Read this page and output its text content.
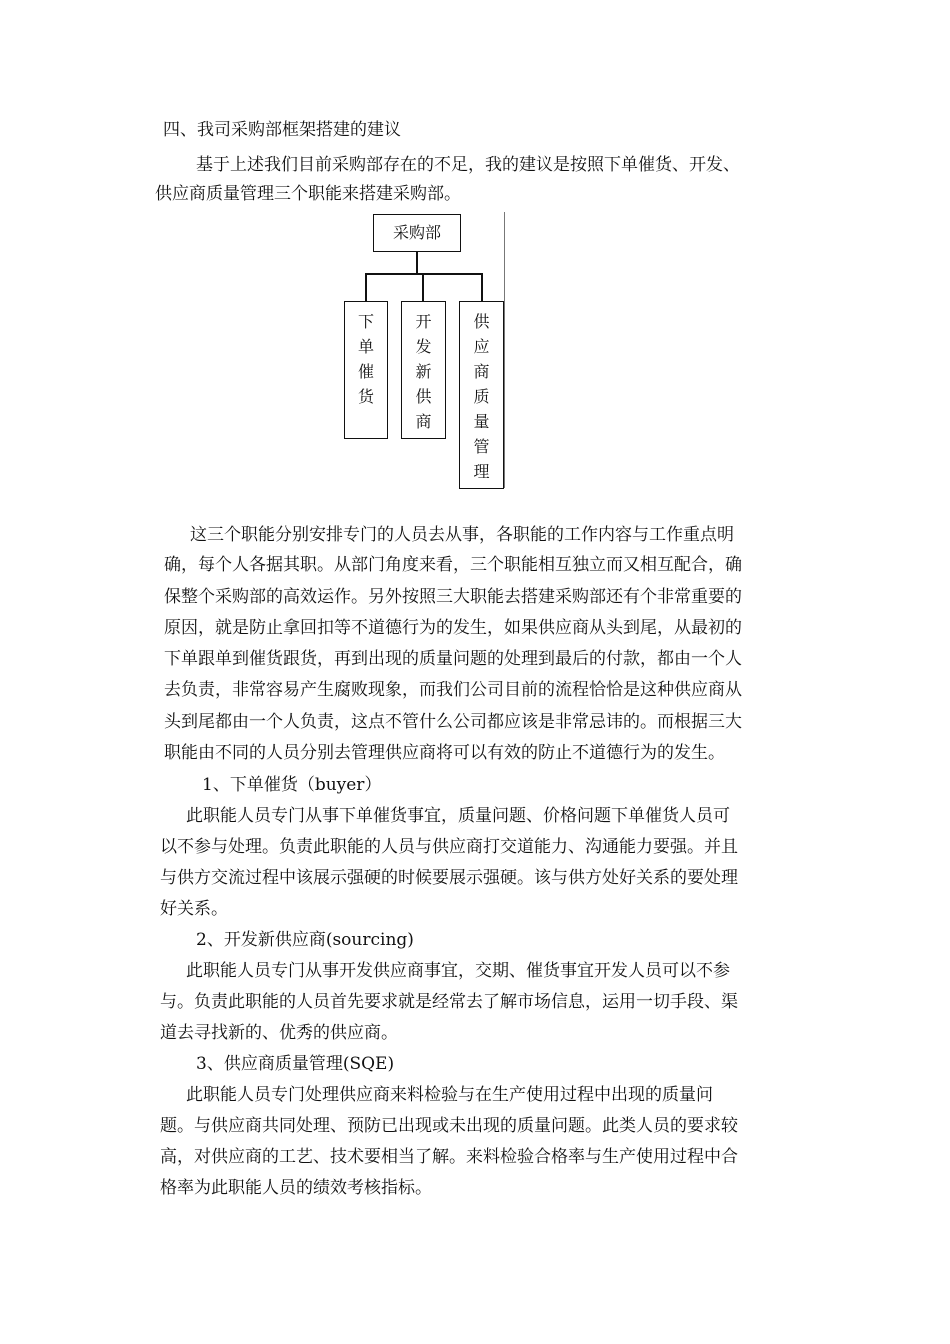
四、我司采购部框架搭建的建议
基于上述我们目前采购部存在的不足，我的建议是按照下单催货、开发、
供应商质量管理三个职能来搭建采购部。
采购部
下
单
催
货
开
发
新
供
商
供
应
商
质
量
管
理
这三个职能分别安排专门的人员去从事，各职能的工作内容与工作重点明
确，每个人各据其职。从部门角度来看，三个职能相互独立而又相互配合，确
保整个采购部的高效运作。另外按照三大职能去搭建采购部还有个非常重要的
原因，就是防止拿回扣等不道德行为的发生，如果供应商从头到尾，从最初的
下单跟单到催货跟货，再到出现的质量问题的处理到最后的付款，都由一个人
去负责，非常容易产生腐败现象，而我们公司目前的流程恰恰是这种供应商从
头到尾都由一个人负责，这点不管什么公司都应该是非常忌讳的。而根据三大
职能由不同的人员分别去管理供应商将可以有效的防止不道德行为的发生。
1、下单催货（buyer）
此职能人员专门从事下单催货事宜，质量问题、价格问题下单催货人员可
以不参与处理。负责此职能的人员与供应商打交道能力、沟通能力要强。并且
与供方交流过程中该展示强硬的时候要展示强硬。该与供方处好关系的要处理
好关系。
2、开发新供应商(sourcing)
此职能人员专门从事开发供应商事宜，交期、催货事宜开发人员可以不参
与。负责此职能的人员首先要求就是经常去了解市场信息，运用一切手段、渠
道去寻找新的、优秀的供应商。
3、供应商质量管理(SQE)
此职能人员专门处理供应商来料检验与在生产使用过程中出现的质量问
题。与供应商共同处理、预防已出现或未出现的质量问题。此类人员的要求较
高，对供应商的工艺、技术要相当了解。来料检验合格率与生产使用过程中合
格率为此职能人员的绩效考核指标。
